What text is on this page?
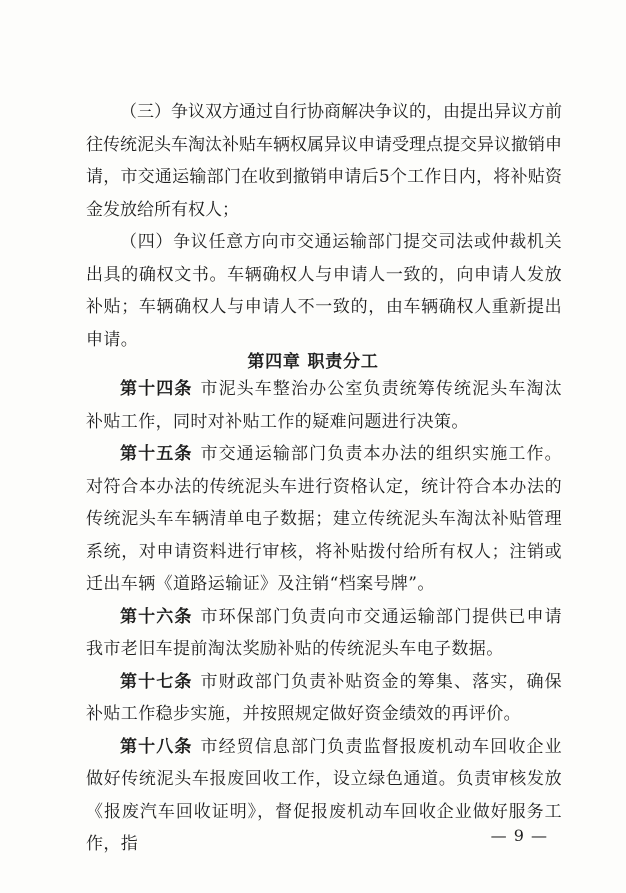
（三）争议双方通过自行协商解决争议的，由提出异议方前往传统泥头车淘汰补贴车辆权属异议申请受理点提交异议撤销申请，市交通运输部门在收到撤销申请后5个工作日内，将补贴资金发放给所有权人；

（四）争议任意方向市交通运输部门提交司法或仲裁机关出具的确权文书。车辆确权人与申请人一致的，向申请人发放补贴；车辆确权人与申请人不一致的，由车辆确权人重新提出申请。

第四章 职责分工

第十四条 市泥头车整治办公室负责统筹传统泥头车淘汰补贴工作，同时对补贴工作的疑难问题进行决策。

第十五条 市交通运输部门负责本办法的组织实施工作。对符合本办法的传统泥头车进行资格认定，统计符合本办法的传统泥头车车辆清单电子数据；建立传统泥头车淘汰补贴管理系统，对申请资料进行审核，将补贴拨付给所有权人；注销或迁出车辆《道路运输证》及注销“档案号牌”。

第十六条 市环保部门负责向市交通运输部门提供已申请我市老旧车提前淘汰奖励补贴的传统泥头车电子数据。

第十七条 市财政部门负责补贴资金的筹集、落实，确保补贴工作稳步实施，并按照规定做好资金绩效的再评价。

第十八条 市经贸信息部门负责监督报废机动车回收企业做好传统泥头车报废回收工作，设立绿色通道。负责审核发放《报废汽车回收证明》，督促报废机动车回收企业做好服务工作，指	— 9 —
